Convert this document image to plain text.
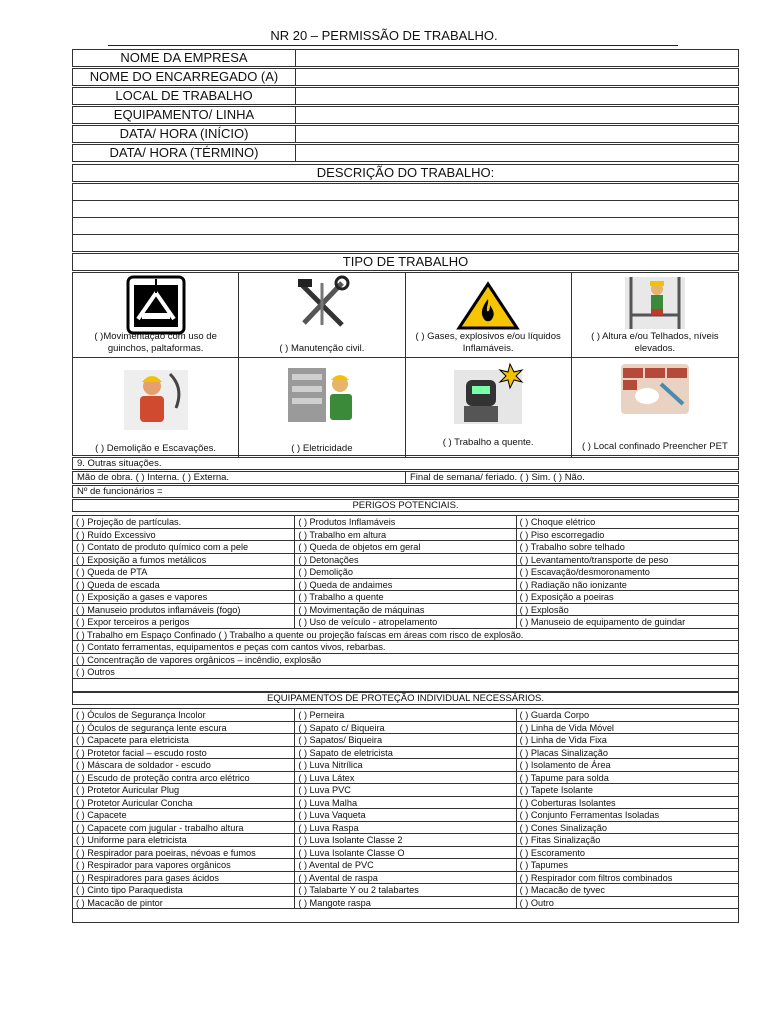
NR 20 – PERMISSÃO DE TRABALHO.
NOME DA EMPRESA
NOME DO ENCARREGADO (A)
LOCAL DE TRABALHO
EQUIPAMENTO/ LINHA
DATA/ HORA (INÍCIO)
DATA/ HORA (TÉRMINO)
DESCRIÇÃO DO TRABALHO:
TIPO DE TRABALHO
( )Movimentação com uso de guinchos, paltaformas.	( ) Manutenção civil.
( ) Gases, explosivos e/ou líquidos Inflamáveis.
( ) Altura e/ou Telhados, níveis elevados.
( ) Demolição e Escavações.	( ) Eletricidade
( ) Trabalho a quente.	( ) Local confinado Preencher PET
9. Outras situações.
Mão de obra. ( ) Interna. ( ) Externa.	Final de semana/ feriado. ( ) Sim. ( ) Não.
Nº de funcionários =
PERIGOS POTENCIAIS.
( ) Projeção de partículas.	( ) Produtos Inflamáveis	( ) Choque elétrico
( ) Ruído Excessivo	( ) Trabalho em altura	( ) Piso escorregadio
( ) Contato de produto químico com a pele	( ) Queda de objetos em geral	( ) Trabalho sobre telhado
( ) Exposição a fumos metálicos	( ) Detonações	( ) Levantamento/transporte de peso
( ) Queda de PTA	( ) Demolição	( ) Escavação/desmoronamento
( ) Queda de escada	( ) Queda de andaimes	( ) Radiação não ionizante
( ) Exposição a gases e vapores	( ) Trabalho a quente	( ) Exposição a poeiras
( ) Manuseio produtos inflamáveis (fogo)	( ) Movimentação de máquinas	( ) Explosão
( ) Expor terceiros a perigos	( ) Uso de veículo - atropelamento	( ) Manuseio de equipamento de guindar
( ) Trabalho em Espaço Confinado ( ) Trabalho a quente ou projeção faíscas em áreas com risco de explosão.
( ) Contato ferramentas, equipamentos e peças com cantos vivos, rebarbas.
( ) Concentração de vapores orgânicos – incêndio, explosão
( ) Outros
EQUIPAMENTOS DE PROTEÇÃO INDIVIDUAL NECESSÁRIOS.
( ) Óculos de Segurança Incolor	( ) Perneira	( ) Guarda Corpo
( ) Óculos de segurança lente escura	( ) Sapato c/ Biqueira	( ) Linha de Vida Móvel
( ) Capacete para eletricista	( ) Sapatos/ Biqueira	( ) Linha de Vida Fixa
( ) Protetor facial – escudo rosto	( ) Sapato de eletricista	( ) Placas Sinalização
( ) Máscara de soldador - escudo	( ) Luva Nitrílica	( ) Isolamento de Área
( ) Escudo de proteção contra arco elétrico	( ) Luva Látex	( ) Tapume para solda
( ) Protetor Auricular Plug	( ) Luva PVC	( ) Tapete Isolante
( ) Protetor Auricular Concha	( ) Luva Malha	( ) Coberturas Isolantes
( ) Capacete	( ) Luva Vaqueta	( ) Conjunto Ferramentas Isoladas
( ) Capacete com jugular - trabalho altura	( ) Luva Raspa	( ) Cones Sinalização
( ) Uniforme para eletricista	( ) Luva Isolante Classe 2	( ) Fitas Sinalização
( ) Respirador para poeiras, névoas e fumos	( ) Luva Isolante Classe O	( ) Escoramento
( ) Respirador para vapores orgânicos	( ) Avental de PVC	( ) Tapumes
( ) Respiradores para gases ácidos	( ) Avental de raspa	( ) Respirador com filtros combinados
( ) Cinto tipo Paraquedista	( ) Talabarte Y ou 2 talabartes	( ) Macacão de tyvec
( ) Macacão de pintor	( ) Mangote raspa	( ) Outro
